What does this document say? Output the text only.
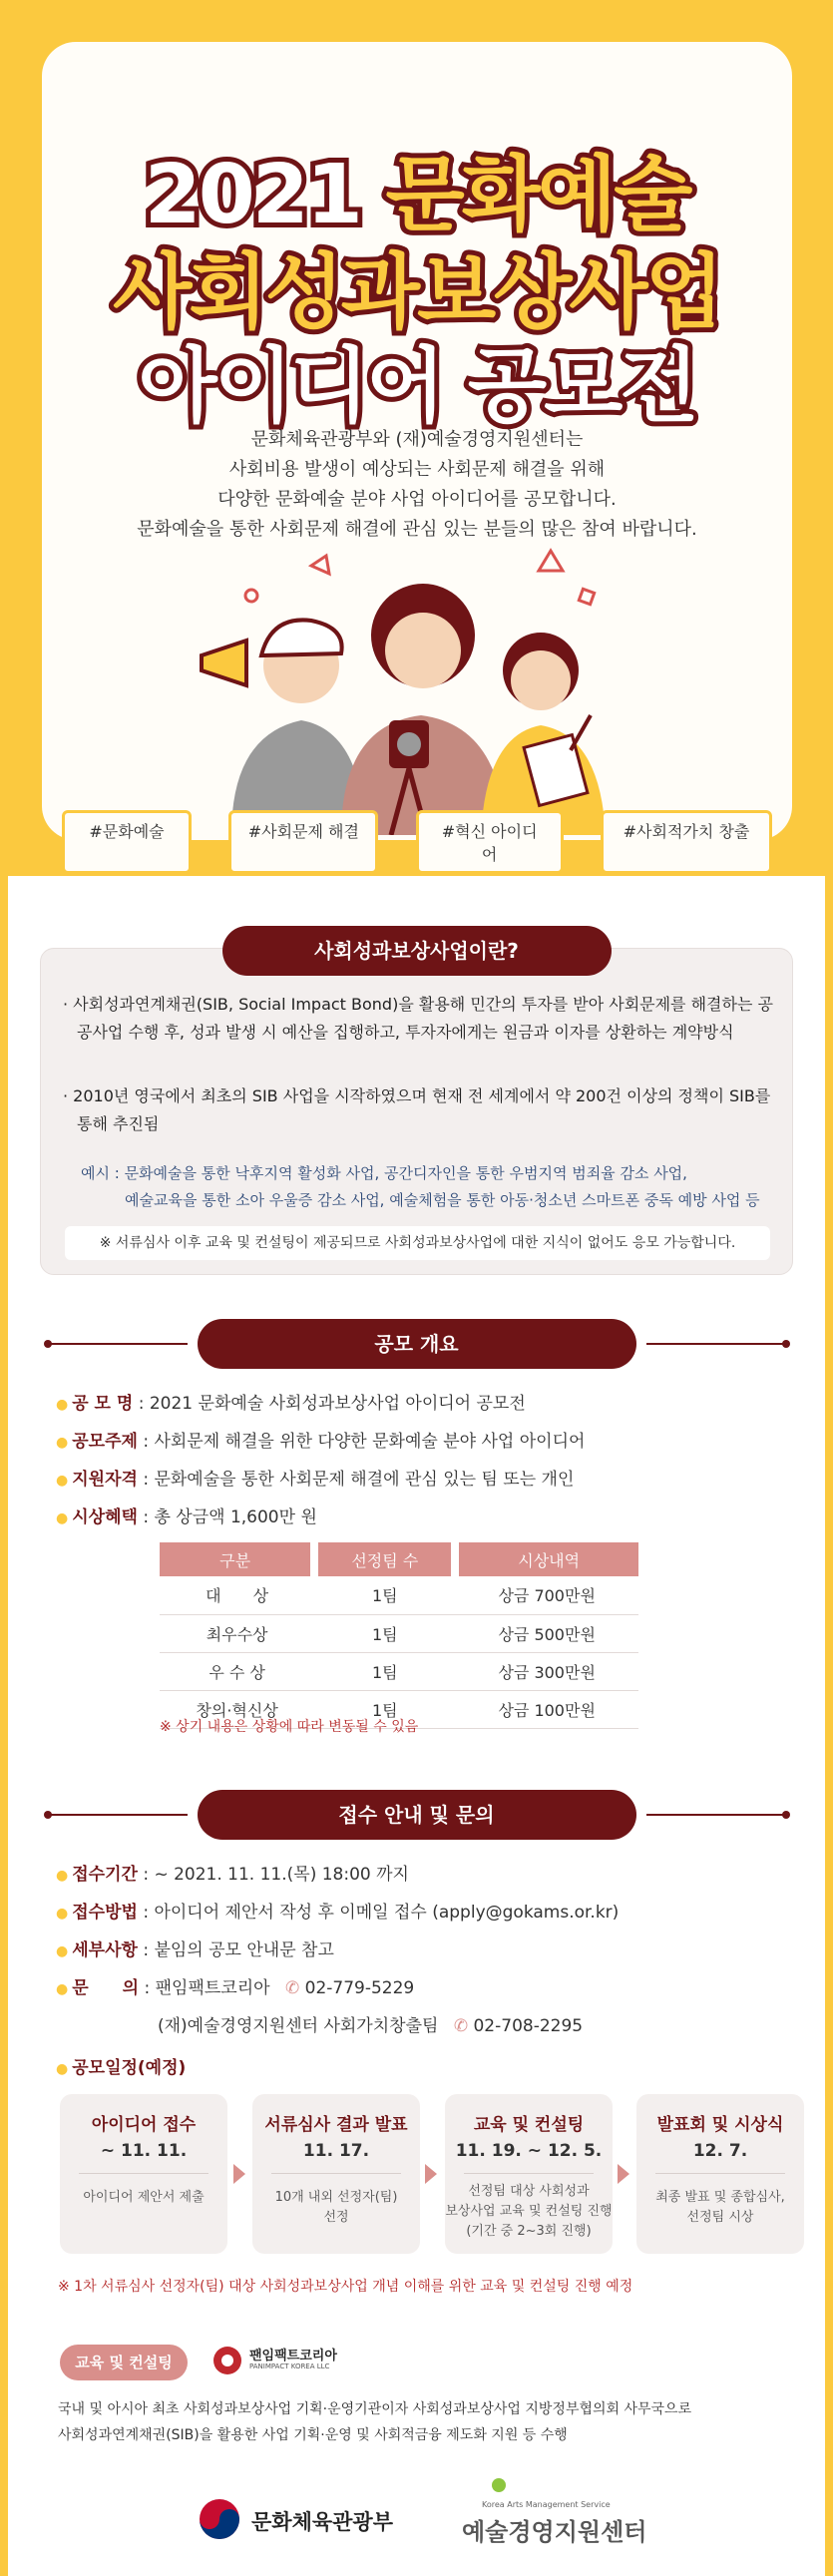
2021 문화예술
사회성과보상사업
아이디어 공모전
문화체육관광부와 (재)예술경영지원센터는
사회비용 발생이 예상되는 사회문제 해결을 위해
다양한 문화예술 분야 사업 아이디어를 공모합니다.
문화예술을 통한 사회문제 해결에 관심 있는 분들의 많은 참여 바랍니다.
#문화예술	#사회문제 해결	#혁신 아이디어
#사회적가치 창출
· 사회성과연계채권(SIB, Social Impact Bond)을 활용해 민간의 투자를 받아 사회문제를 해결하는 공공사업 수행 후, 성과 발생 시 예산을 집행하고, 투자자에게는 원금과 이자를 상환하는 계약방식
· 2010년 영국에서 최초의 SIB 사업을 시작하였으며 현재 전 세계에서 약 200건 이상의 정책이 SIB를 통해 추진됨
예시 : 문화예술을 통한 낙후지역 활성화 사업, 공간디자인을 통한 우범지역 범죄율 감소 사업,
예술교육을 통한 소아 우울증 감소 사업, 예술체험을 통한 아동·청소년 스마트폰 중독 예방 사업 등
※ 서류심사 이후 교육 및 컨설팅이 제공되므로 사회성과보상사업에 대한 지식이 없어도 응모 가능합니다.
사회성과보상사업이란?
공모 개요
● 공 모 명 : 2021 문화예술 사회성과보상사업 아이디어 공모전
● 공모주제 : 사회문제 해결을 위한 다양한 문화예술 분야 사업 아이디어
● 지원자격 : 문화예술을 통한 사회문제 해결에 관심 있는 팀 또는 개인
● 시상혜택 : 총 상금액 1,600만 원
구분	선정팀 수	시상내역
대　　상	1팀	상금 700만원
최우수상	1팀	상금 500만원
우 수 상	1팀	상금 300만원
창의·혁신상	1팀	상금 100만원
※ 상기 내용은 상황에 따라 변동될 수 있음
접수 안내 및 문의
● 접수기간 : ~ 2021. 11. 11.(목) 18:00 까지
● 접수방법 : 아이디어 제안서 작성 후 이메일 접수 (apply@gokams.or.kr)
● 세부사항 : 붙임의 공모 안내문 참고
● 문　　의 : 팬임팩트코리아 ✆ 02-779-5229
(재)예술경영지원센터 사회가치창출팀 ✆ 02-708-2295
● 공모일정(예정)
아이디어 접수
~ 11. 11.
아이디어 제안서 제출
서류심사 결과 발표
11. 17.
10개 내외 선정자(팀)
선정
교육 및 컨설팅
11. 19. ~ 12. 5.
선정팀 대상 사회성과
보상사업 교육 및 컨설팅 진행
(기간 중 2~3회 진행)
발표회 및 시상식
12. 7.
최종 발표 및 종합심사,
선정팀 시상
※ 1차 서류심사 선정자(팀) 대상 사회성과보상사업 개념 이해를 위한 교육 및 컨설팅 진행 예정
교육 및 컨설팅	팬임팩트코리아
PANIMPACT KOREA LLC
국내 및 아시아 최초 사회성과보상사업 기획·운영기관이자 사회성과보상사업 지방정부협의회 사무국으로
사회성과연계채권(SIB)을 활용한 사업 기획·운영 및 사회적금융 제도화 지원 등 수행
문화체육관광부
Korea Arts Management Service
예술경영지원센터
